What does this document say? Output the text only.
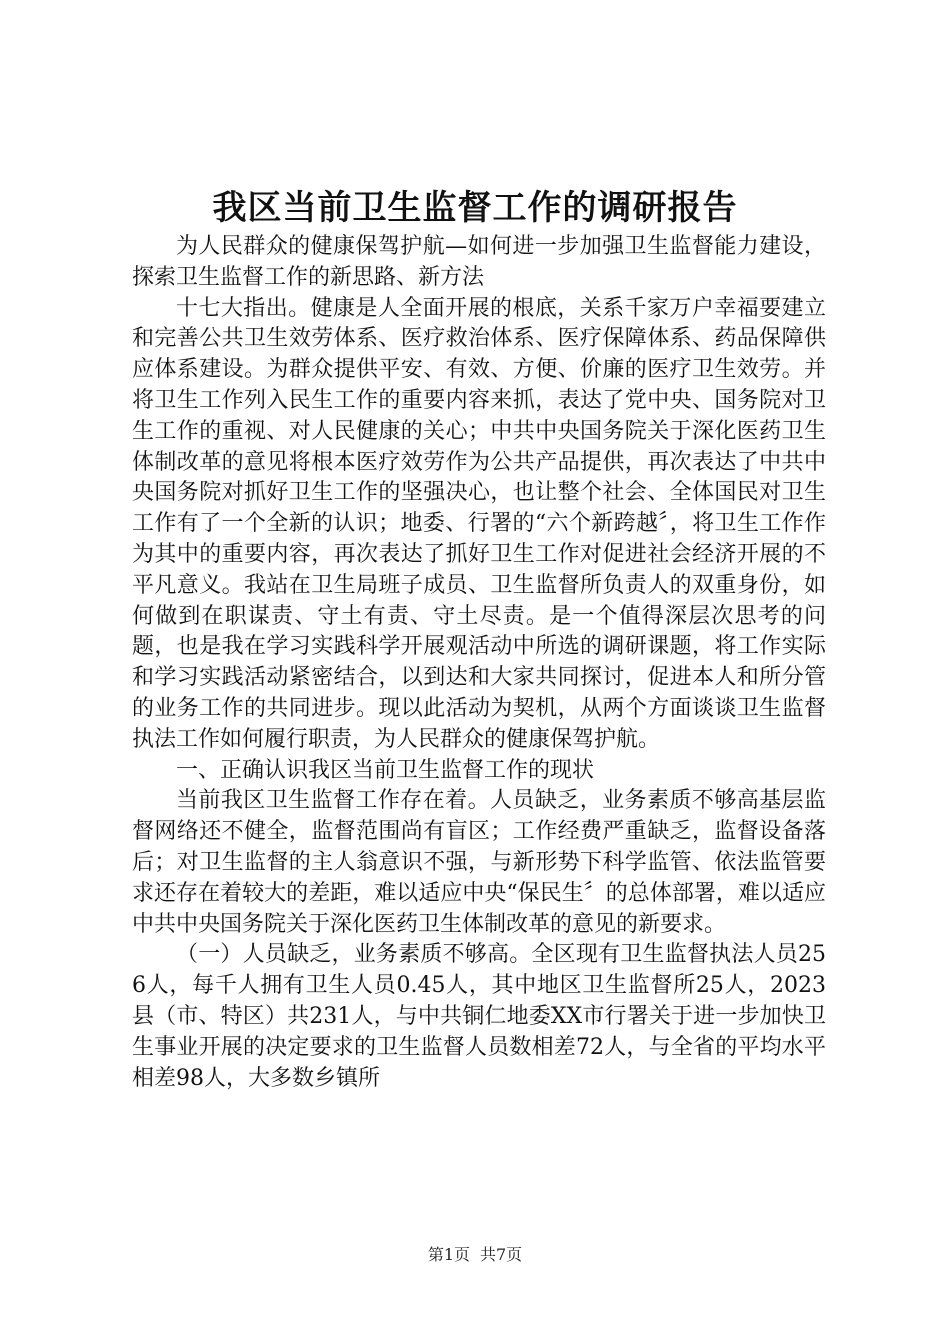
我区当前卫生监督工作的调研报告

为人民群众的健康保驾护航—如何进一步加强卫生监督能力建设，探索卫生监督工作的新思路、新方法

十七大指出。健康是人全面开展的根底，关系千家万户幸福要建立和完善公共卫生效劳体系、医疗救治体系、医疗保障体系、药品保障供应体系建设。为群众提供平安、有效、方便、价廉的医疗卫生效劳。并将卫生工作列入民生工作的重要内容来抓，表达了党中央、国务院对卫生工作的重视、对人民健康的关心；中共中央国务院关于深化医药卫生体制改革的意见将根本医疗效劳作为公共产品提供，再次表达了中共中央国务院对抓好卫生工作的坚强决心，也让整个社会、全体国民对卫生工作有了一个全新的认识；地委、行署的“六个新跨越〞，将卫生工作作为其中的重要内容，再次表达了抓好卫生工作对促进社会经济开展的不平凡意义。我站在卫生局班子成员、卫生监督所负责人的双重身份，如何做到在职谋责、守土有责、守土尽责。是一个值得深层次思考的问题，也是我在学习实践科学开展观活动中所选的调研课题，将工作实际和学习实践活动紧密结合，以到达和大家共同探讨，促进本人和所分管的业务工作的共同进步。现以此活动为契机，从两个方面谈谈卫生监督执法工作如何履行职责，为人民群众的健康保驾护航。

一、正确认识我区当前卫生监督工作的现状

当前我区卫生监督工作存在着。人员缺乏，业务素质不够高基层监督网络还不健全，监督范围尚有盲区；工作经费严重缺乏，监督设备落后；对卫生监督的主人翁意识不强，与新形势下科学监管、依法监管要求还存在着较大的差距，难以适应中央“保民生〞的总体部署，难以适应中共中央国务院关于深化医药卫生体制改革的意见的新要求。

（一）人员缺乏，业务素质不够高。全区现有卫生监督执法人员256人，每千人拥有卫生人员0.45人，其中地区卫生监督所25人，2023县（市、特区）共231人，与中共铜仁地委XX市行署关于进一步加快卫生事业开展的决定要求的卫生监督人员数相差72人，与全省的平均水平相差98人，大多数乡镇所

第1页 共7页
